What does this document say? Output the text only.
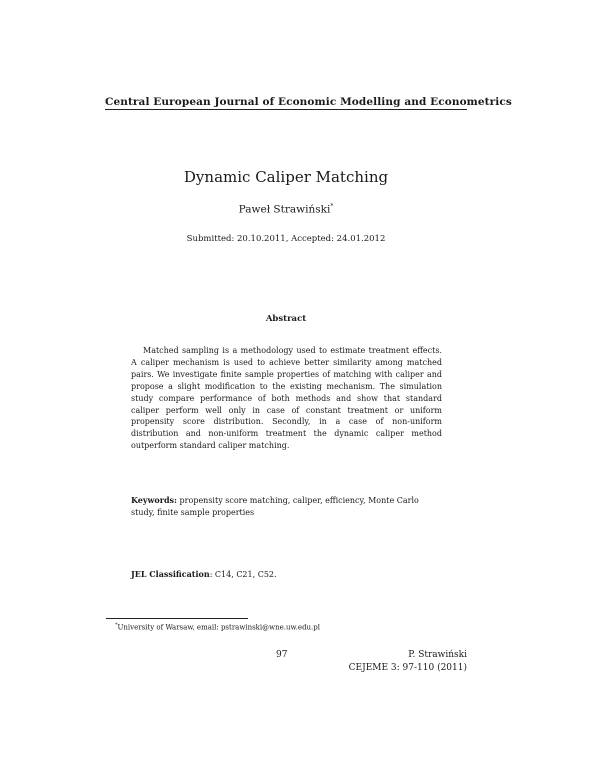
Central European Journal of Economic Modelling and Econometrics
Dynamic Caliper Matching
Paweł Strawiński*
Submitted: 20.10.2011, Accepted: 24.01.2012
Abstract
Matched sampling is a methodology used to estimate treatment effects. A caliper mechanism is used to achieve better similarity among matched pairs. We investigate finite sample properties of matching with caliper and propose a slight modification to the existing mechanism. The simulation study compare performance of both methods and show that standard caliper perform well only in case of constant treatment or uniform propensity score distribution. Secondly, in a case of non-uniform distribution and non-uniform treatment the dynamic caliper method outperform standard caliper matching.
Keywords: propensity score matching, caliper, efficiency, Monte Carlo study, finite sample properties
JEL Classification: C14, C21, C52.
*University of Warsaw, email: pstrawinski@wne.uw.edu.pl
97	P. Strawiński
CEJEME 3: 97-110 (2011)
